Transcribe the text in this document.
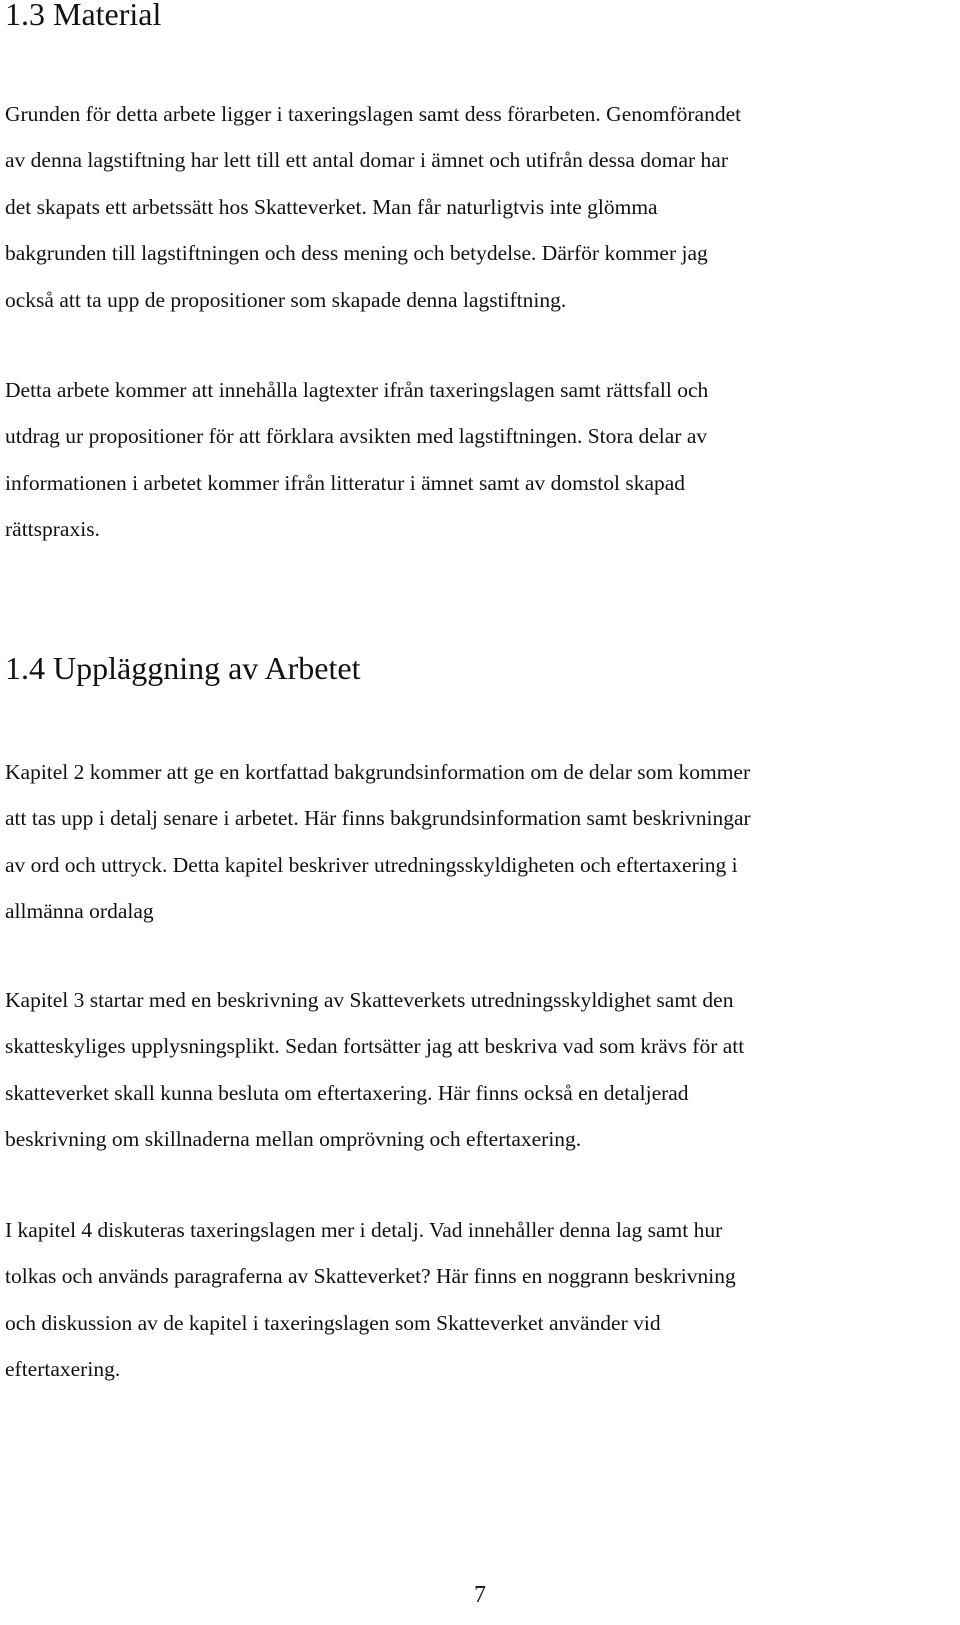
1.3 Material
Grunden för detta arbete ligger i taxeringslagen samt dess förarbeten. Genomförandet
av denna lagstiftning har lett till ett antal domar i ämnet och utifrån dessa domar har
det skapats ett arbetssätt hos Skatteverket. Man får naturligtvis inte glömma
bakgrunden till lagstiftningen och dess mening och betydelse. Därför kommer jag
också att ta upp de propositioner som skapade denna lagstiftning.
Detta arbete kommer att innehålla lagtexter ifrån taxeringslagen samt rättsfall och
utdrag ur propositioner för att förklara avsikten med lagstiftningen. Stora delar av
informationen i arbetet kommer ifrån litteratur i ämnet samt av domstol skapad
rättspraxis.
1.4 Uppläggning av Arbetet
Kapitel 2 kommer att ge en kortfattad bakgrundsinformation om de delar som kommer
att tas upp i detalj senare i arbetet. Här finns bakgrundsinformation samt beskrivningar
av ord och uttryck. Detta kapitel beskriver utredningsskyldigheten och eftertaxering i
allmänna ordalag
Kapitel 3 startar med en beskrivning av Skatteverkets utredningsskyldighet samt den
skatteskyliges upplysningsplikt. Sedan fortsätter jag att beskriva vad som krävs för att
skatteverket skall kunna besluta om eftertaxering. Här finns också en detaljerad
beskrivning om skillnaderna mellan omprövning och eftertaxering.
I kapitel 4 diskuteras taxeringslagen mer i detalj. Vad innehåller denna lag samt hur
tolkas och används paragraferna av Skatteverket? Här finns en noggrann beskrivning
och diskussion av de kapitel i taxeringslagen som Skatteverket använder vid
eftertaxering.

7
